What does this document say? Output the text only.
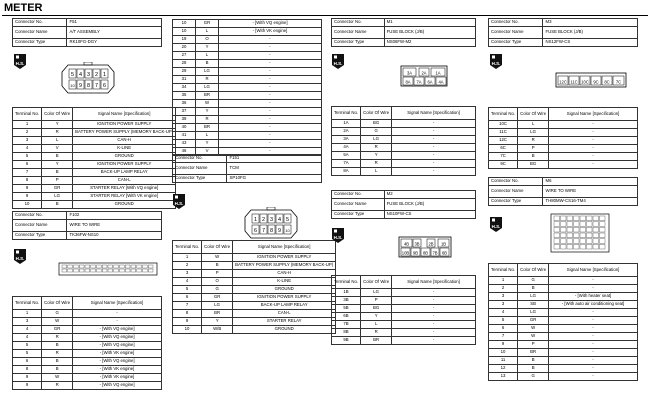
METER
Connector No.	F51
Connector Name	A/T ASSEMBLY
Connector Type	RK10FG-DGY
H.S.
5 4 3 2 1
10 9 8 7 6
Terminal No.	Color Of Wire	Signal Name [Specification]
1	Y	IGNITION POWER SUPPLY
2	R	BATTERY POWER SUPPLY (MEMORY BACK-UP)
3	L	CAN-H
4	V	K-LINE
5	B	GROUND
6	Y	IGNITION POWER SUPPLY
7	B	BACK-UP LAMP RELAY
8	P	CAN-L
9	GR	STARTER RELAY [With VQ engine]
9	LG	STARTER RELAY [With VK engine]
10	B	GROUND
Connector No.	F102
Connector Name	WIRE TO WIRE
Connector Type	TK36FW-NS10
H.S.
Terminal No.	Color Of Wire	Signal Name [Specification]
1	G	-
3	W	-
4	GR	- [With VQ engine]
4	R	- [With VQ engine]
5	B	- [With VQ engine]
5	R	- [With VK engine]
6	B	- [With VQ engine]
8	B	- [With VK engine]
9	W	- [With VK engine]
9	R	- [With VQ engine]
10	GR	- [With VQ engine]
10	L	- [With VK engine]
19	O	-
20	Y	-
27	L	-
28	B	-
29	LG	-
31	R	-
34	LG	-
35	BR	-
36	W	-
37	Y	-
39	R	-
40	BR	-
41	L	-
43	Y	-
46	V	-
Connector No.	F151
Connector Name	TCM
Connector Type	SP10FG
H.S.
1 2 3 4 5
6 7 8 9 10
Terminal No.	Color Of Wire	Signal Name [Specification]
1	W	IGNITION POWER SUPPLY
2	B	BATTERY POWER SUPPLY (MEMORY BACK-UP)
3	P	CAN-H
4	O	K-LINE
5	G	GROUND
6	GR	IGNITION POWER SUPPLY
7	LG	BACK-UP LAMP RELAY
8	BR	CAN-L
9	Y	STARTER RELAY
10	W/B	GROUND
Connector No.	M1
Connector Name	FUSE BLOCK (J/B)
Connector Type	NS06FW-M2
H.S.
3A 2A 1A
8A 7A 6A 4A
Terminal No.	Color Of Wire	Signal Name [Specification]
1A	BG	-
2A	G	-
3A	LG	-
4A	R	-
5A	Y	-
7A	R	-
8A	L	-
Connector No.	M2
Connector Name	FUSE BLOCK (J/B)
Connector Type	NS10FW-CS
H.S.
4B 3B 2B 1B
10B 9B 8B 7B 6B
Terminal No.	Color Of Wire	Signal Name [Specification]
1B	LG	-
3B	P	-
5B	BG	-
6B	Y	-
7B	L	-
8B	R	-
9B	BR	-
Connector No.	M3
Connector Name	FUSE BLOCK (J/B)
Connector Type	NS12FW-CS
H.S.
12C 11C 10C 9C 8C 7C
Terminal No.	Color Of Wire	Signal Name [Specification]
10C	L	-
11C	LG	-
12C	R	-
6C	P	-
7C	B	-
9C	BG	-
Connector No.	M6
Connector Name	WIRE TO WIRE
Connector Type	TH80MW-CS16-TM4
H.S.
Terminal No.	Color Of Wire	Signal Name [Specification]
1	G	-
2	B	-
3	LG	- [With heater seat]
3	SB	- [With auto air conditioning seat]
4	LG	-
5	GR	-
6	W	-
7	W	-
9	P	-
10	BR	-
11	B	-
12	B	-
13	G	-
